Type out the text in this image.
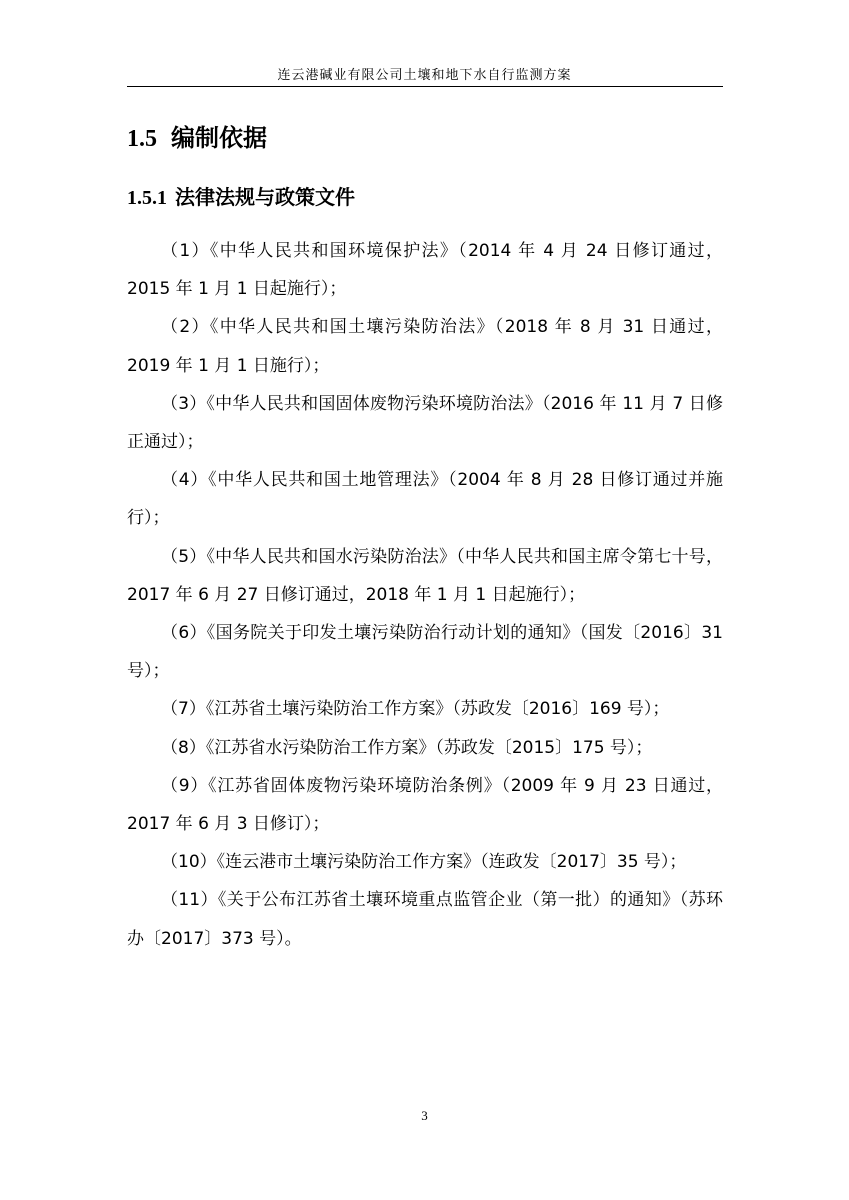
连云港碱业有限公司土壤和地下水自行监测方案
1.5 编制依据
1.5.1 法律法规与政策文件

（1）《中华人民共和国环境保护法》（2014 年 4 月 24 日修订通过，2015 年 1 月 1 日起施行）；

（2）《中华人民共和国土壤污染防治法》（2018 年 8 月 31 日通过，2019 年 1 月 1 日施行）；

（3）《中华人民共和国固体废物污染环境防治法》（2016 年 11 月 7 日修正通过）；

（4）《中华人民共和国土地管理法》（2004 年 8 月 28 日修订通过并施行）；

（5）《中华人民共和国水污染防治法》（中华人民共和国主席令第七十号，2017 年 6 月 27 日修订通过，2018 年 1 月 1 日起施行）；

（6）《国务院关于印发土壤污染防治行动计划的通知》（国发〔2016〕31 号）；

（7）《江苏省土壤污染防治工作方案》（苏政发〔2016〕169 号）；

（8）《江苏省水污染防治工作方案》（苏政发〔2015〕175 号）；

（9）《江苏省固体废物污染环境防治条例》（2009 年 9 月 23 日通过，2017 年 6 月 3 日修订）；

（10）《连云港市土壤污染防治工作方案》（连政发〔2017〕35 号）；

（11）《关于公布江苏省土壤环境重点监管企业（第一批）的通知》（苏环办〔2017〕373 号）。

3
